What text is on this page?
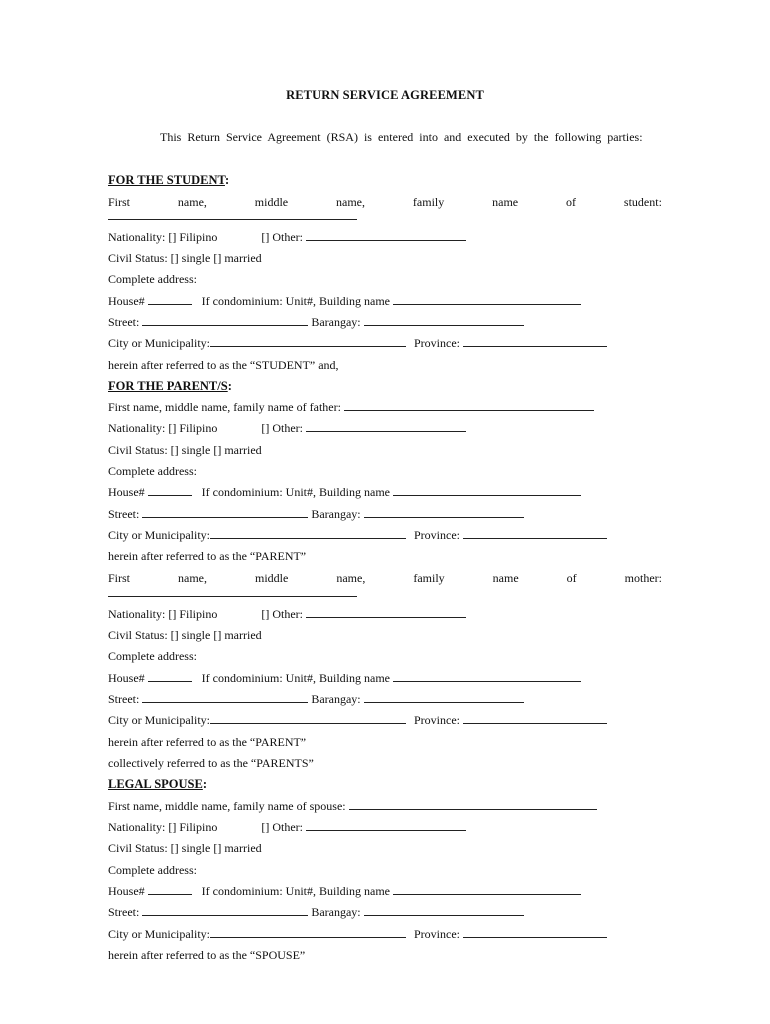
RETURN SERVICE AGREEMENT
This Return Service Agreement (RSA) is entered into and executed by the following parties:
FOR THE STUDENT:
First	name,	middle	name,	family	name	of	student:
Nationality: [] Filipino	[] Other:
Civil Status: [] single [] married
Complete address:
House#	If condominium: Unit#, Building name
Street:	Barangay:
City or Municipality:	Province:
herein after referred to as the “STUDENT” and,
FOR THE PARENT/S:
First name, middle name, family name of father:
Nationality: [] Filipino	[] Other:
Civil Status: [] single [] married
Complete address:
House#	If condominium: Unit#, Building name
Street:	Barangay:
City or Municipality:	Province:
herein after referred to as the “PARENT”
First	name,	middle	name,	family	name	of	mother:
Nationality: [] Filipino	[] Other:
Civil Status: [] single [] married
Complete address:
House#	If condominium: Unit#, Building name
Street:	Barangay:
City or Municipality:	Province:
herein after referred to as the “PARENT”
collectively referred to as the “PARENTS”
LEGAL SPOUSE:
First name, middle name, family name of spouse:
Nationality: [] Filipino	[] Other:
Civil Status: [] single [] married
Complete address:
House#	If condominium: Unit#, Building name
Street:	Barangay:
City or Municipality:	Province:
herein after referred to as the “SPOUSE”
